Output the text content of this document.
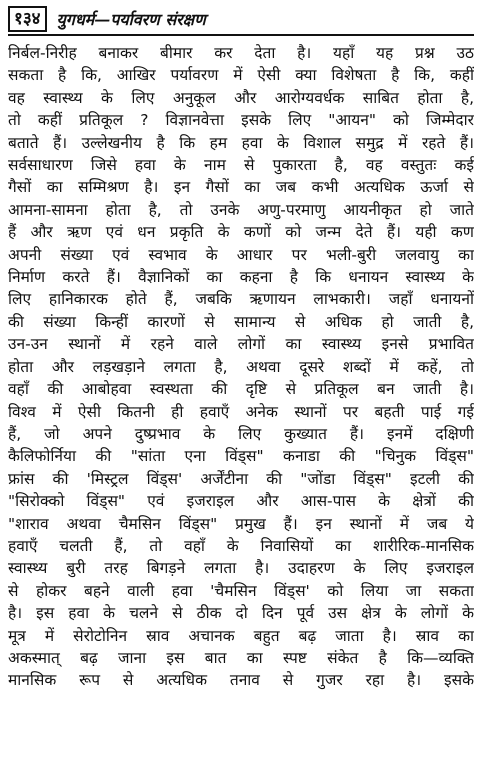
१३४	युगधर्म—पर्यावरण संरक्षण
निर्बल-निरीह बनाकर बीमार कर देता है। यहाँ यह प्रश्न उठ
सकता है कि, आखिर पर्यावरण में ऐसी क्या विशेषता है कि, कहीं
वह स्वास्थ्य के लिए अनुकूल और आरोग्यवर्धक साबित होता है,
तो कहीं प्रतिकूल ? विज्ञानवेत्ता इसके लिए "आयन" को जिम्मेदार
बताते हैं। उल्लेखनीय है कि हम हवा के विशाल समुद्र में रहते हैं।
सर्वसाधारण जिसे हवा के नाम से पुकारता है, वह वस्तुतः कई
गैसों का सम्मिश्रण है। इन गैसों का जब कभी अत्यधिक ऊर्जा से
आमना-सामना होता है, तो उनके अणु-परमाणु आयनीकृत हो जाते
हैं और ऋण एवं धन प्रकृति के कणों को जन्म देते हैं। यही कण
अपनी संख्या एवं स्वभाव के आधार पर भली-बुरी जलवायु का
निर्माण करते हैं। वैज्ञानिकों का कहना है कि धनायन स्वास्थ्य के
लिए हानिकारक होते हैं, जबकि ऋणायन लाभकारी। जहाँ धनायनों
की संख्या किन्हीं कारणों से सामान्य से अधिक हो जाती है,
उन-उन स्थानों में रहने वाले लोगों का स्वास्थ्य इनसे प्रभावित
होता और लड़खड़ाने लगता है, अथवा दूसरे शब्दों में कहें, तो
वहाँ की आबोहवा स्वस्थता की दृष्टि से प्रतिकूल बन जाती है।
विश्व में ऐसी कितनी ही हवाएँ अनेक स्थानों पर बहती पाई गई
हैं, जो अपने दुष्प्रभाव के लिए कुख्यात हैं। इनमें दक्षिणी
कैलिफोर्निया की "सांता एना विंड्स" कनाडा की "चिनुक विंड्स"
फ्रांस की 'मिस्ट्रल विंड्स' अर्जेंटीना की "जोंडा विंड्स" इटली की
"सिरोक्को विंड्स" एवं इजराइल और आस-पास के क्षेत्रों की
"शाराव अथवा चैमसिन विंड्स" प्रमुख हैं। इन स्थानों में जब ये
हवाएँ चलती हैं, तो वहाँ के निवासियों का शारीरिक-मानसिक
स्वास्थ्य बुरी तरह बिगड़ने लगता है। उदाहरण के लिए इजराइल
से होकर बहने वाली हवा 'चैमसिन विंड्स' को लिया जा सकता
है। इस हवा के चलने से ठीक दो दिन पूर्व उस क्षेत्र के लोगों के
मूत्र में सेरोटोनिन स्राव अचानक बहुत बढ़ जाता है। स्राव का
अकस्मात् बढ़ जाना इस बात का स्पष्ट संकेत है कि—व्यक्ति
मानसिक रूप से अत्यधिक तनाव से गुजर रहा है। इसके
